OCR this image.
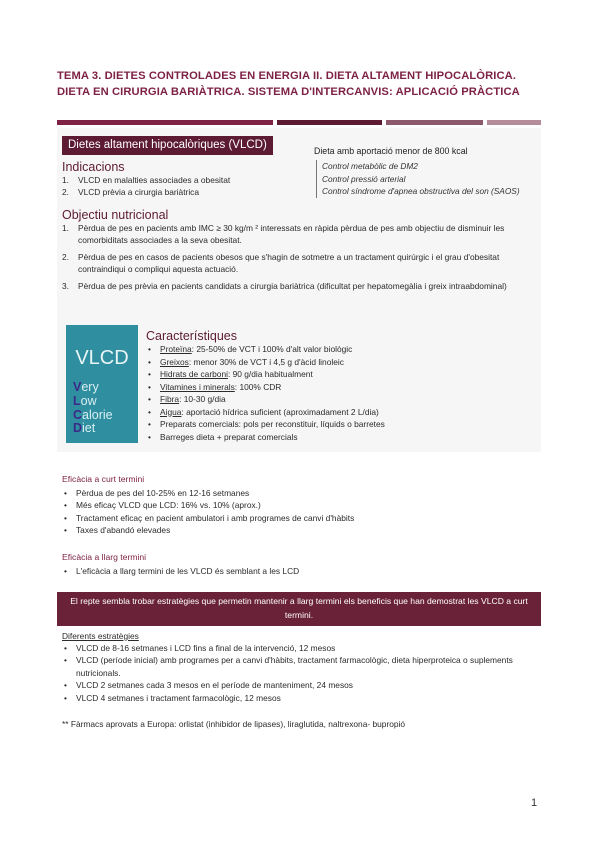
TEMA 3. DIETES CONTROLADES EN ENERGIA II. DIETA ALTAMENT HIPOCALÒRICA. DIETA EN CIRURGIA BARIÀTRICA. SISTEMA D'INTERCANVIS: APLICACIÓ PRÀCTICA
Dietes altament hipocalòriques (VLCD)
Indicacions
1. VLCD en malalties associades a obesitat
2. VLCD prèvia a cirurgia bariàtrica
Dieta amb aportació menor de 800 kcal
Control metabòlic de DM2
Control pressió arterial
Control síndrome d'apnea obstructiva del son (SAOS)
Objectiu nutricional
1. Pèrdua de pes en pacients amb IMC ≥ 30 kg/m ² interessats en ràpida pèrdua de pes amb objectiu de disminuir les comorbiditats associades a la seva obesitat.
2. Pèrdua de pes en casos de pacients obesos que s'hagin de sotmetre a un tractament quirúrgic i el grau d'obesitat contraindiqui o compliqui aquesta actuació.
3. Pèrdua de pes prèvia en pacients candidats a cirurgia bariàtrica (dificultat per hepatomegàlia i greix intraabdominal)
VLCD
Very
Low
Calorie
Diet
Característiques
• Proteïna: 25-50% de VCT i 100% d'alt valor biològic
• Greixos: menor 30% de VCT i 4,5 g d'àcid linoleic
• Hidrats de carboni: 90 g/dia habitualment
• Vitamines i minerals: 100% CDR
• Fibra: 10-30 g/dia
• Aigua: aportació hídrica suficient (aproximadament 2 L/dia)
• Preparats comercials: pols per reconstituir, líquids o barretes
• Barreges dieta + preparat comercials
Eficàcia a curt termini
• Pèrdua de pes del 10-25% en 12-16 setmanes
• Més eficaç VLCD que LCD: 16% vs. 10% (aprox.)
• Tractament eficaç en pacient ambulatori i amb programes de canvi d'hàbits
• Taxes d'abandó elevades
Eficàcia a llarg termini
• L'eficàcia a llarg termini de les VLCD és semblant a les LCD
El repte sembla trobar estratègies que permetin mantenir a llarg termini els beneficis que han demostrat les VLCD a curt termini.
Diferents estratègies
• VLCD de 8-16 setmanes i LCD fins a final de la intervenció, 12 mesos
• VLCD (període inicial) amb programes per a canvi d'hàbits, tractament farmacològic, dieta hiperproteica o suplements nutricionals.
• VLCD 2 setmanes cada 3 mesos en el període de manteniment, 24 mesos
• VLCD 4 setmanes i tractament farmacològic, 12 mesos
** Fàrmacs aprovats a Europa: orlistat (inhibidor de lipases), liraglutida, naltrexona- bupropió
1
